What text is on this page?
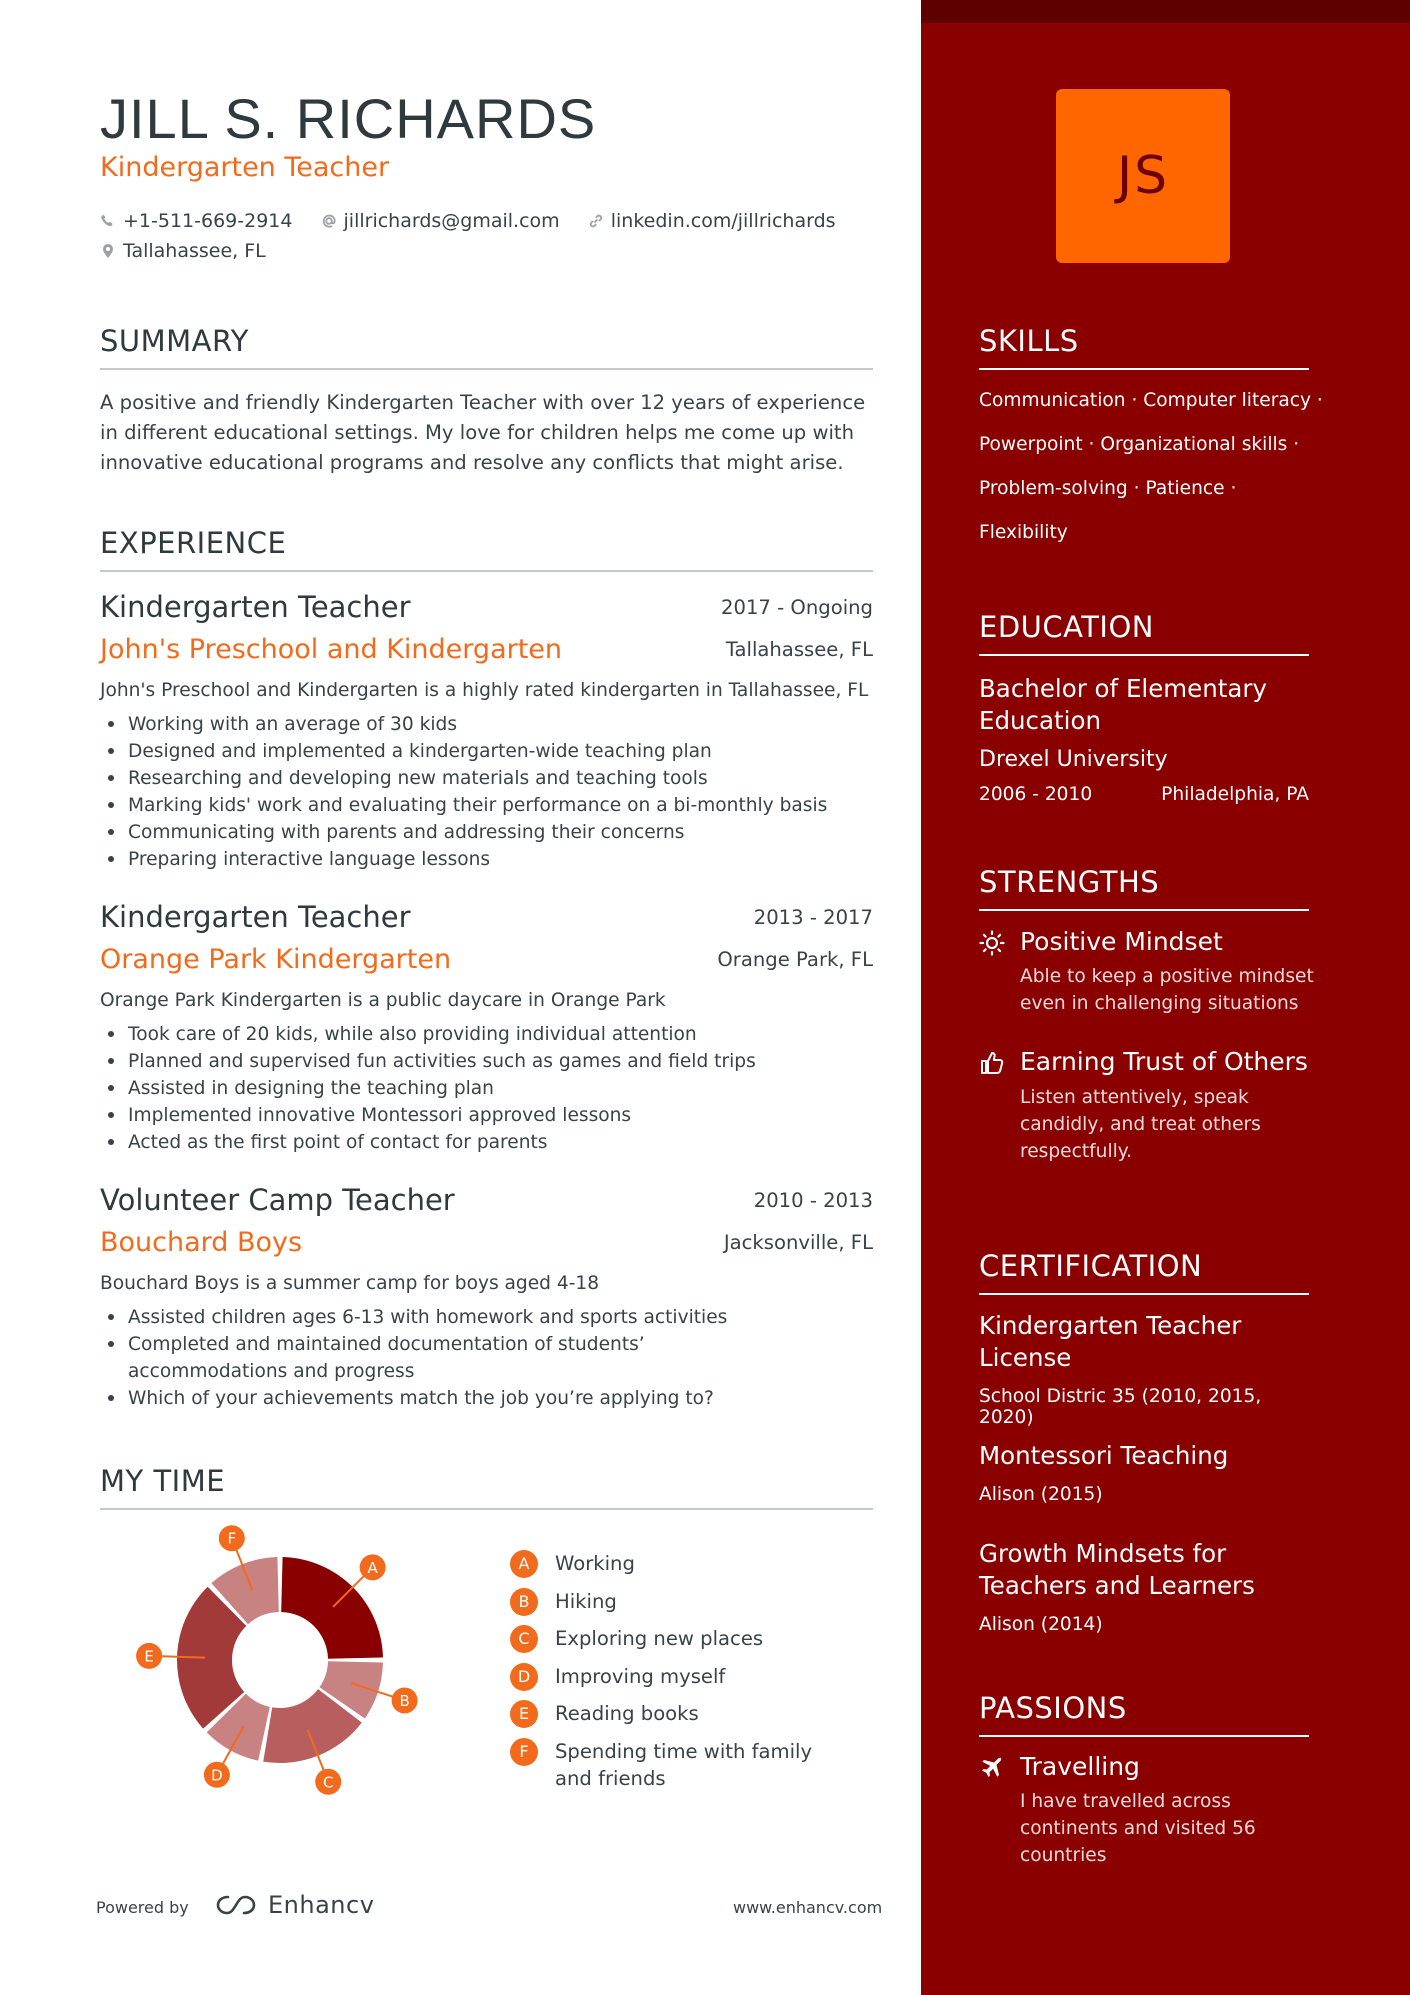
JILL S. RICHARDS
Kindergarten Teacher
+1-511-669-2914
	jillrichards@gmail.com
	linkedin.com/jillrichards
Tallahassee, FL
SUMMARY
A positive and friendly Kindergarten Teacher with over 12 years of experience in different educational settings. My love for children helps me come up with innovative educational programs and resolve any conflicts that might arise.
EXPERIENCE
Kindergarten Teacher	2017 - Ongoing
John's Preschool and Kindergarten	Tallahassee, FL
John's Preschool and Kindergarten is a highly rated kindergarten in Tallahassee, FL
Working with an average of 30 kids
Designed and implemented a kindergarten-wide teaching plan
Researching and developing new materials and teaching tools
Marking kids' work and evaluating their performance on a bi-monthly basis
Communicating with parents and addressing their concerns
Preparing interactive language lessons
Kindergarten Teacher	2013 - 2017
Orange Park Kindergarten	Orange Park, FL
Orange Park Kindergarten is a public daycare in Orange Park
Took care of 20 kids, while also providing individual attention
Planned and supervised fun activities such as games and field trips
Assisted in designing the teaching plan
Implemented innovative Montessori approved lessons
Acted as the first point of contact for parents
Volunteer Camp Teacher	2010 - 2013
Bouchard Boys	Jacksonville, FL
Bouchard Boys is a summer camp for boys aged 4-18
Assisted children ages 6-13 with homework and sports activities
Completed and maintained documentation of students’ accommodations and progress
Which of your achievements match the job you’re applying to?
MY TIME
A
B
C
D
E
F
A	Working
B	Hiking
C	Exploring new places
D	Improving myself
E	Reading books
F	Spending time with family and friends
Powered by	Enhancv	www.enhancv.com
JS
SKILLS
Communication · Computer literacy ·
Powerpoint · Organizational skills ·
Problem-solving · Patience ·
Flexibility
EDUCATION
Bachelor of Elementary Education
Drexel University
2006 - 2010	Philadelphia, PA
STRENGTHS
Positive Mindset
Able to keep a positive mindset even in challenging situations
Earning Trust of Others
Listen attentively, speak candidly, and treat others respectfully.
CERTIFICATION
Kindergarten Teacher License
School Distric 35 (2010, 2015, 2020)
Montessori Teaching
Alison (2015)
Growth Mindsets for Teachers and Learners
Alison (2014)
PASSIONS
Travelling
I have travelled across continents and visited 56 countries
